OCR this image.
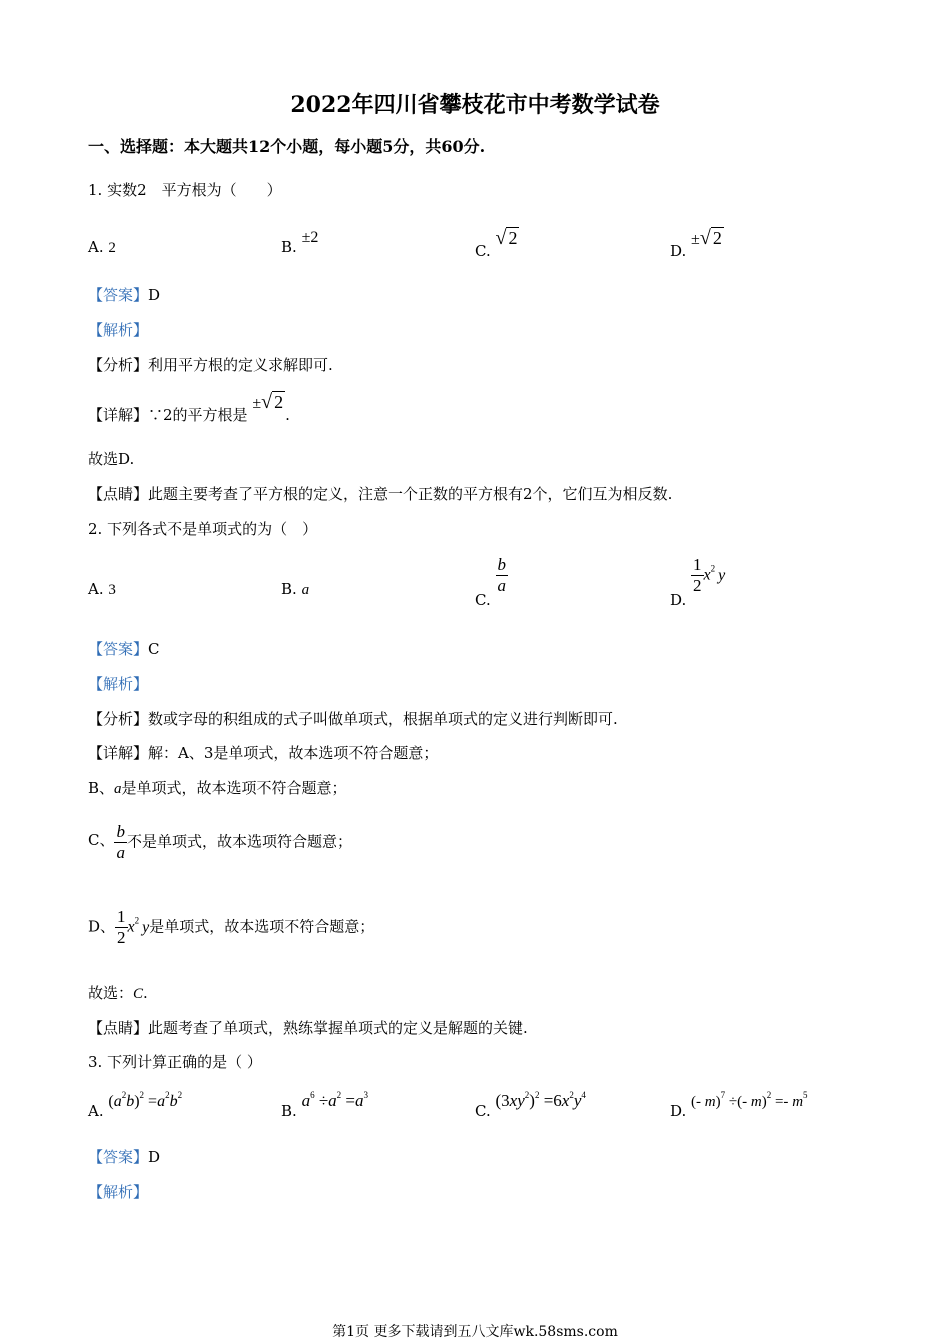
2022年四川省攀枝花市中考数学试卷
一、选择题：本大题共12个小题，每小题5分，共60分.
1. 实数2　平方根为（　　）
A. 2	B. ±2
C. √ 2
D. ±√ 2
【答案】D
【解析】
【分析】利用平方根的定义求解即可.
【详解】∵2的平方根是 ±√ 2.
故选D.
【点睛】此题主要考查了平方根的定义，注意一个正数的平方根有2个，它们互为相反数.
2. 下列各式不是单项式的为（　）
A. 3	B. a
C.
$\frac{b}{a}$
D.
$\frac{1}{2} x^2$ y
【答案】C
【解析】
【分析】数或字母的积组成的式子叫做单项式，根据单项式的定义进行判断即可.
【详解】解：A、3是单项式，故本选项不符合题意；
B、a是单项式，故本选项不符合题意；
C、 $\frac{b}{a}$ 不是单项式，故本选项符合题意；
D、 $\frac{1}{2} x^2$ y是单项式，故本选项不符合题意；
故选：C.
【点睛】此题考查了单项式，熟练掌握单项式的定义是解题的关键.
3. 下列计算正确的是（ ）
A. $(a^2b)^2 =a^2b^2$
B. $a^6 \div a^2 =a^3$
C. $(3xy^2)^2 =6x^2y^4$
D. (- m)$^7$ ÷(- $m)^2 =- m^5$
【答案】D
【解析】
第1页 更多下载请到五八文库wk.58sms.com
